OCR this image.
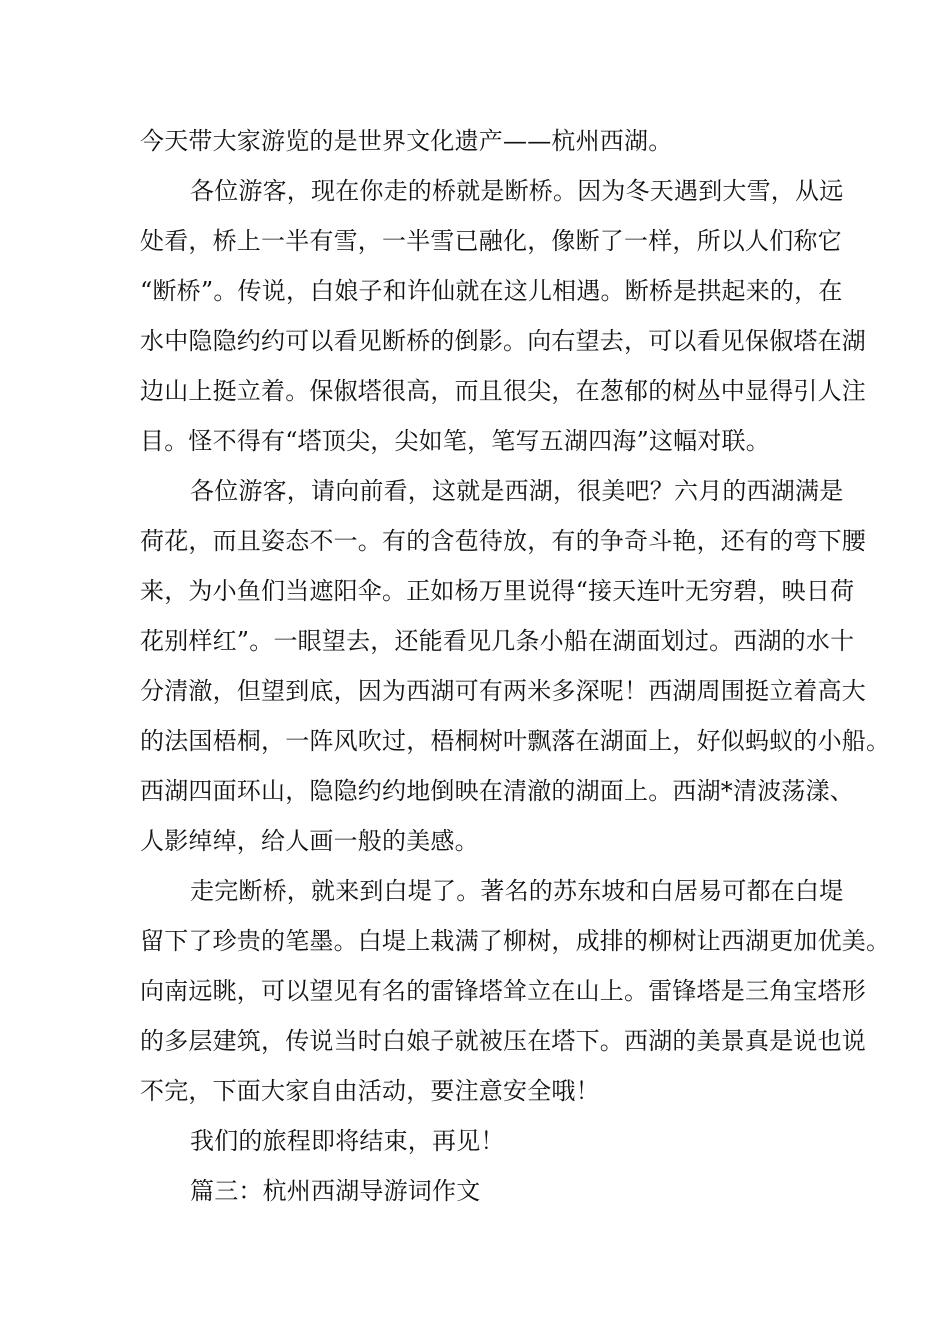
今天带大家游览的是世界文化遗产——杭州西湖。
各位游客，现在你走的桥就是断桥。因为冬天遇到大雪，从远
处看，桥上一半有雪，一半雪已融化，像断了一样，所以人们称它
“断桥”。传说，白娘子和许仙就在这儿相遇。断桥是拱起来的，在
水中隐隐约约可以看见断桥的倒影。向右望去，可以看见保俶塔在湖
边山上挺立着。保俶塔很高，而且很尖，在葱郁的树丛中显得引人注
目。怪不得有“塔顶尖，尖如笔，笔写五湖四海”这幅对联。
各位游客，请向前看，这就是西湖，很美吧？六月的西湖满是
荷花，而且姿态不一。有的含苞待放，有的争奇斗艳，还有的弯下腰
来，为小鱼们当遮阳伞。正如杨万里说得“接天连叶无穷碧，映日荷
花别样红”。一眼望去，还能看见几条小船在湖面划过。西湖的水十
分清澈，但望到底，因为西湖可有两米多深呢！西湖周围挺立着高大
的法国梧桐，一阵风吹过，梧桐树叶飘落在湖面上，好似蚂蚁的小船。
西湖四面环山，隐隐约约地倒映在清澈的湖面上。西湖*清波荡漾、
人影绰绰，给人画一般的美感。
走完断桥，就来到白堤了。著名的苏东坡和白居易可都在白堤
留下了珍贵的笔墨。白堤上栽满了柳树，成排的柳树让西湖更加优美。
向南远眺，可以望见有名的雷锋塔耸立在山上。雷锋塔是三角宝塔形
的多层建筑，传说当时白娘子就被压在塔下。西湖的美景真是说也说
不完，下面大家自由活动，要注意安全哦！
我们的旅程即将结束，再见！
篇三：杭州西湖导游词作文
